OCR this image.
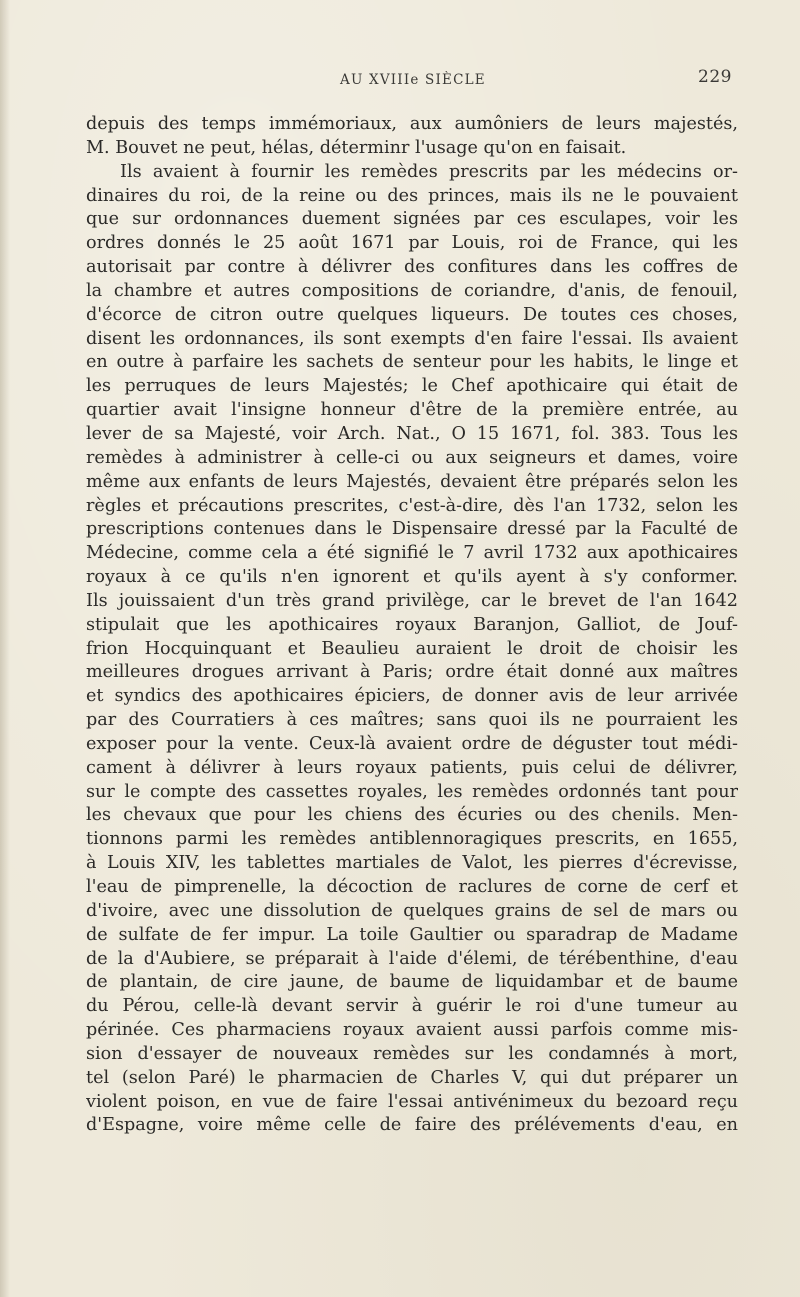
AU XVIIIe SIÈCLE	229
depuis des temps immémoriaux, aux aumôniers de leurs majestés,
M. Bouvet ne peut, hélas, déterminr l'usage qu'on en faisait.
Ils avaient à fournir les remèdes prescrits par les médecins or-
dinaires du roi, de la reine ou des princes, mais ils ne le pouvaient
que sur ordonnances duement signées par ces esculapes, voir les
ordres donnés le 25 août 1671 par Louis, roi de France, qui les
autorisait par contre à délivrer des confitures dans les coffres de
la chambre et autres compositions de coriandre, d'anis, de fenouil,
d'écorce de citron outre quelques liqueurs. De toutes ces choses,
disent les ordonnances, ils sont exempts d'en faire l'essai. Ils avaient
en outre à parfaire les sachets de senteur pour les habits, le linge et
les perruques de leurs Majestés; le Chef apothicaire qui était de
quartier avait l'insigne honneur d'être de la première entrée, au
lever de sa Majesté, voir Arch. Nat., O 15 1671, fol. 383. Tous les
remèdes à administrer à celle-ci ou aux seigneurs et dames, voire
même aux enfants de leurs Majestés, devaient être préparés selon les
règles et précautions prescrites, c'est-à-dire, dès l'an 1732, selon les
prescriptions contenues dans le Dispensaire dressé par la Faculté de
Médecine, comme cela a été signifié le 7 avril 1732 aux apothicaires
royaux à ce qu'ils n'en ignorent et qu'ils ayent à s'y conformer.
Ils jouissaient d'un très grand privilège, car le brevet de l'an 1642
stipulait que les apothicaires royaux Baranjon, Galliot, de Jouf-
frion Hocquinquant et Beaulieu auraient le droit de choisir les
meilleures drogues arrivant à Paris; ordre était donné aux maîtres
et syndics des apothicaires épiciers, de donner avis de leur arrivée
par des Courratiers à ces maîtres; sans quoi ils ne pourraient les
exposer pour la vente. Ceux-là avaient ordre de déguster tout médi-
cament à délivrer à leurs royaux patients, puis celui de délivrer,
sur le compte des cassettes royales, les remèdes ordonnés tant pour
les chevaux que pour les chiens des écuries ou des chenils. Men-
tionnons parmi les remèdes antiblennoragiques prescrits, en 1655,
à Louis XIV, les tablettes martiales de Valot, les pierres d'écrevisse,
l'eau de pimprenelle, la décoction de raclures de corne de cerf et
d'ivoire, avec une dissolution de quelques grains de sel de mars ou
de sulfate de fer impur. La toile Gaultier ou sparadrap de Madame
de la d'Aubiere, se préparait à l'aide d'élemi, de térébenthine, d'eau
de plantain, de cire jaune, de baume de liquidambar et de baume
du Pérou, celle-là devant servir à guérir le roi d'une tumeur au
périnée. Ces pharmaciens royaux avaient aussi parfois comme mis-
sion d'essayer de nouveaux remèdes sur les condamnés à mort,
tel (selon Paré) le pharmacien de Charles V, qui dut préparer un
violent poison, en vue de faire l'essai antivénimeux du bezoard reçu
d'Espagne, voire même celle de faire des prélévements d'eau, en
